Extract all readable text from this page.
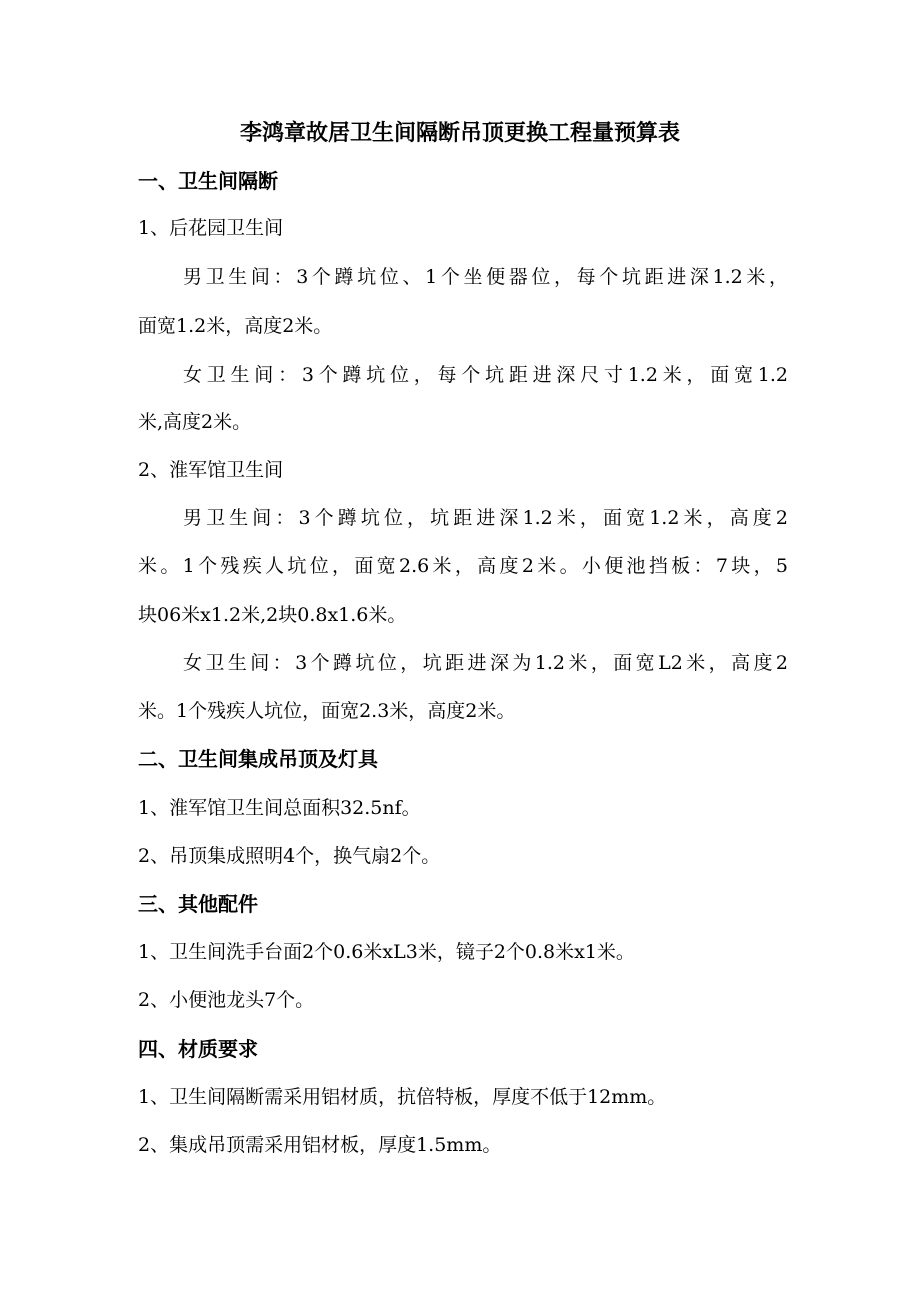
李鸿章故居卫生间隔断吊顶更换工程量预算表
一、卫生间隔断
1、后花园卫生间
男卫生间：3个蹲坑位、1个坐便器位，每个坑距进深1.2米，
面宽1.2米，高度2米。
女卫生间：3个蹲坑位，每个坑距进深尺寸1.2米，面宽1.2
米,高度2米。
2、淮军馆卫生间
男卫生间：3个蹲坑位，坑距进深1.2米，面宽1.2米，高度2
米。1个残疾人坑位，面宽2.6米，高度2米。小便池挡板：7块，5
块06米x1.2米,2块0.8x1.6米。
女卫生间：3个蹲坑位，坑距进深为1.2米，面宽L2米，高度2
米。1个残疾人坑位，面宽2.3米，高度2米。
二、卫生间集成吊顶及灯具
1、淮军馆卫生间总面积32.5nf。
2、吊顶集成照明4个，换气扇2个。
三、其他配件
1、卫生间洗手台面2个0.6米xL3米，镜子2个0.8米x1米。
2、小便池龙头7个。
四、材质要求
1、卫生间隔断需采用铝材质，抗倍特板，厚度不低于12mm。
2、集成吊顶需采用铝材板，厚度1.5mm。
